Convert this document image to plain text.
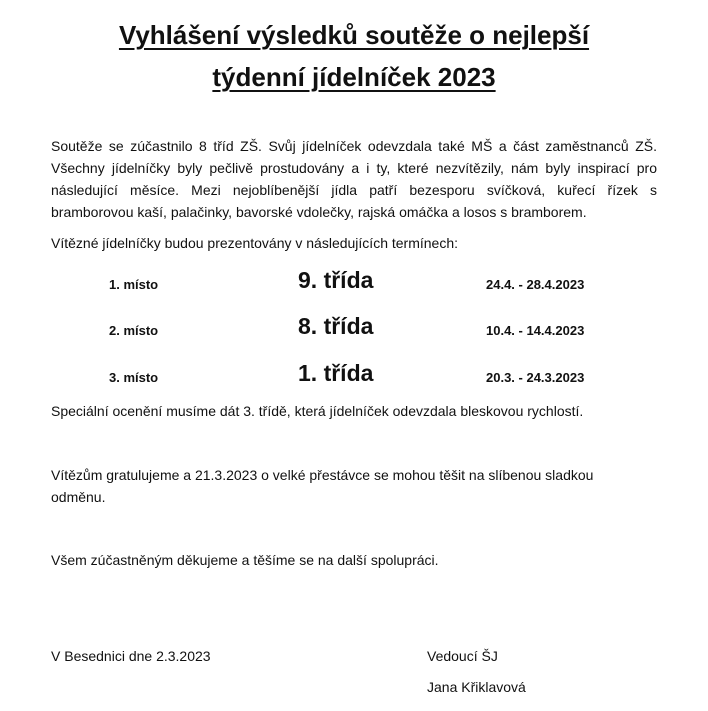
Vyhlášení výsledků soutěže o nejlepší
týdenní jídelníček 2023

Soutěže se zúčastnilo 8 tříd ZŠ. Svůj jídelníček odevzdala také MŠ a část zaměstnanců ZŠ. Všechny jídelníčky byly pečlivě prostudovány a i ty, které nezvítězily, nám byly inspirací pro následující měsíce. Mezi nejoblíbenější jídla patří bezesporu svíčková, kuřecí řízek s bramborovou kaší, palačinky, bavorské vdolečky, rajská omáčka a losos s bramborem.

Vítězné jídelníčky budou prezentovány v následujících termínech:

1. místo	9. třída	24.4. - 28.4.2023
2. místo	8. třída	10.4. - 14.4.2023
3. místo	1. třída	20.3. - 24.3.2023

Speciální ocenění musíme dát 3. třídě, která jídelníček odevzdala bleskovou rychlostí.

Vítězům gratulujeme a 21.3.2023 o velké přestávce se mohou těšit na slíbenou sladkou odměnu.

Všem zúčastněným děkujeme a těšíme se na další spolupráci.

V Besednici dne 2.3.2023	Vedoucí ŠJ

Jana Křiklavová
